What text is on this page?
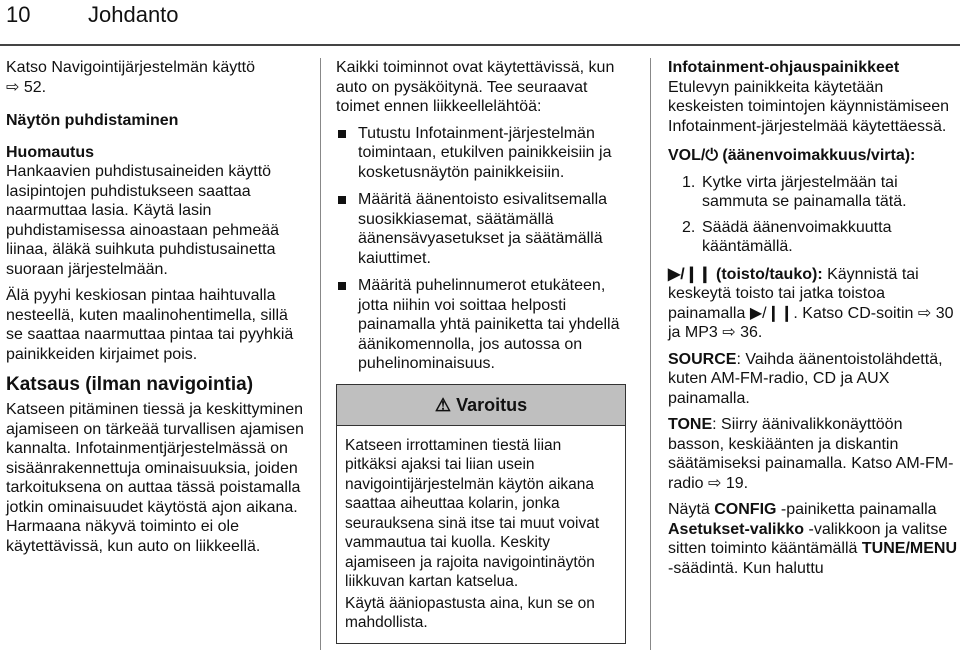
10	Johdanto

Katso Navigointijärjestelmän käyttö
⇨ 52.

Näytön puhdistaminen
Huomautus

Hankaavien puhdistusaineiden käyttö lasipintojen puhdistukseen saattaa naarmuttaa lasia. Käytä lasin puhdistamisessa ainoastaan pehmeää liinaa, äläkä suihkuta puhdistusainetta suoraan järjestelmään.

Älä pyyhi keskiosan pintaa haihtuvalla nesteellä, kuten maalinohentimella, sillä se saattaa naarmuttaa pintaa tai pyyhkiä painikkeiden kirjaimet pois.

Katsaus (ilman navigointia)

Katseen pitäminen tiessä ja keskittyminen ajamiseen on tärkeää turvallisen ajamisen kannalta. Infotainmentjärjestelmässä on sisäänrakennettuja ominaisuuksia, joiden tarkoituksena on auttaa tässä poistamalla jotkin ominaisuudet käytöstä ajon aikana. Harmaana näkyvä toiminto ei ole käytettävissä, kun auto on liikkeellä.

Kaikki toiminnot ovat käytettävissä, kun auto on pysäköitynä. Tee seuraavat toimet ennen liikkeellelähtöä:

Tutustu Infotainment-järjestelmän toimintaan, etukilven painikkeisiin ja kosketusnäytön painikkeisiin.
Määritä äänentoisto esivalitsemalla suosikkiasemat, säätämällä äänensävyasetukset ja säätämällä kaiuttimet.
Määritä puhelinnumerot etukäteen, jotta niihin voi soittaa helposti painamalla yhtä painiketta tai yhdellä äänikomennolla, jos autossa on puhelinominaisuus.
⚠ Varoitus

Katseen irrottaminen tiestä liian pitkäksi ajaksi tai liian usein navigointijärjestelmän käytön aikana saattaa aiheuttaa kolarin, jonka seurauksena sinä itse tai muut voivat vammautua tai kuolla. Keskity ajamiseen ja rajoita navigointinäytön liikkuvan kartan katselua.

Käytä ääniopastusta aina, kun se on mahdollista.

Infotainment-ohjauspainikkeet

Etulevyn painikkeita käytetään keskeisten toimintojen käynnistämiseen Infotainment-järjestelmää käytettäessä.

VOL/⏻ (äänenvoimakkuus/virta):

1. Kytke virta järjestelmään tai sammuta se painamalla tätä.
2. Säädä äänenvoimakkuutta kääntämällä.

▶/❙❙ (toisto/tauko): Käynnistä tai keskeytä toisto tai jatka toistoa painamalla ▶/❙❙. Katso CD-soitin ⇨ 30 ja MP3 ⇨ 36.

SOURCE: Vaihda äänentoistolähdettä, kuten AM-FM-radio, CD ja AUX painamalla.

TONE: Siirry äänivalikkonäyttöön basson, keskiäänten ja diskantin säätämiseksi painamalla. Katso AM-FM-radio ⇨ 19.

Näytä CONFIG -painiketta painamalla Asetukset-valikko -valikkoon ja valitse sitten toiminto kääntämällä TUNE/MENU -säädintä. Kun haluttu
